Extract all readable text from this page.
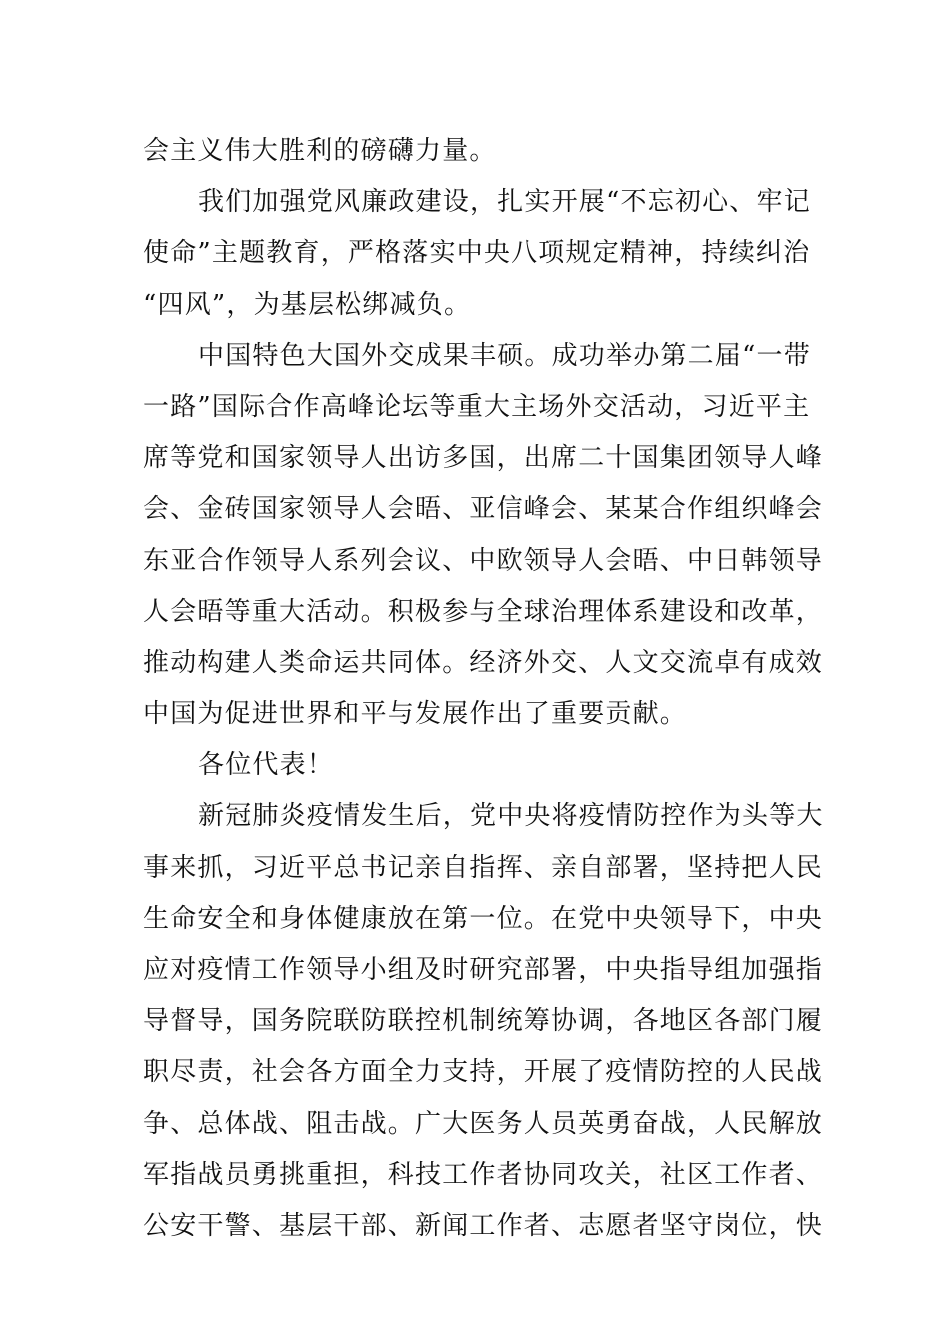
会主义伟大胜利的磅礴力量。
我们加强党风廉政建设，扎实开展“不忘初心、牢记
使命”主题教育，严格落实中央八项规定精神，持续纠治
“四风”，为基层松绑减负。
中国特色大国外交成果丰硕。成功举办第二届“一带
一路”国际合作高峰论坛等重大主场外交活动，习近平主
席等党和国家领导人出访多国，出席二十国集团领导人峰
会、金砖国家领导人会晤、亚信峰会、某某合作组织峰会
东亚合作领导人系列会议、中欧领导人会晤、中日韩领导
人会晤等重大活动。积极参与全球治理体系建设和改革，
推动构建人类命运共同体。经济外交、人文交流卓有成效
中国为促进世界和平与发展作出了重要贡献。
各位代表！
新冠肺炎疫情发生后，党中央将疫情防控作为头等大
事来抓，习近平总书记亲自指挥、亲自部署，坚持把人民
生命安全和身体健康放在第一位。在党中央领导下，中央
应对疫情工作领导小组及时研究部署，中央指导组加强指
导督导，国务院联防联控机制统筹协调，各地区各部门履
职尽责，社会各方面全力支持，开展了疫情防控的人民战
争、总体战、阻击战。广大医务人员英勇奋战，人民解放
军指战员勇挑重担，科技工作者协同攻关，社区工作者、
公安干警、基层干部、新闻工作者、志愿者坚守岗位，快
